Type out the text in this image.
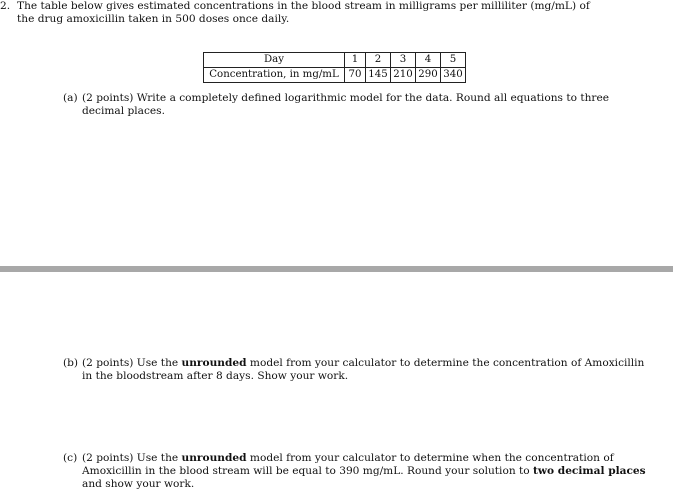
2. The table below gives estimated concentrations in the blood stream in milligrams per milliliter (mg/mL) of the drug amoxicillin taken in 500 doses once daily.
Day	1	2	3	4	5
Concentration, in mg/mL	70	145	210	290	340
(a) (2 points) Write a completely defined logarithmic model for the data. Round all equations to three decimal places.

(b) (2 points) Use the unrounded model from your calculator to determine the concentration of Amoxicillin in the bloodstream after 8 days. Show your work.

(c) (2 points) Use the unrounded model from your calculator to determine when the concentration of Amoxicillin in the blood stream will be equal to 390 mg/mL. Round your solution to two decimal places and show your work.
